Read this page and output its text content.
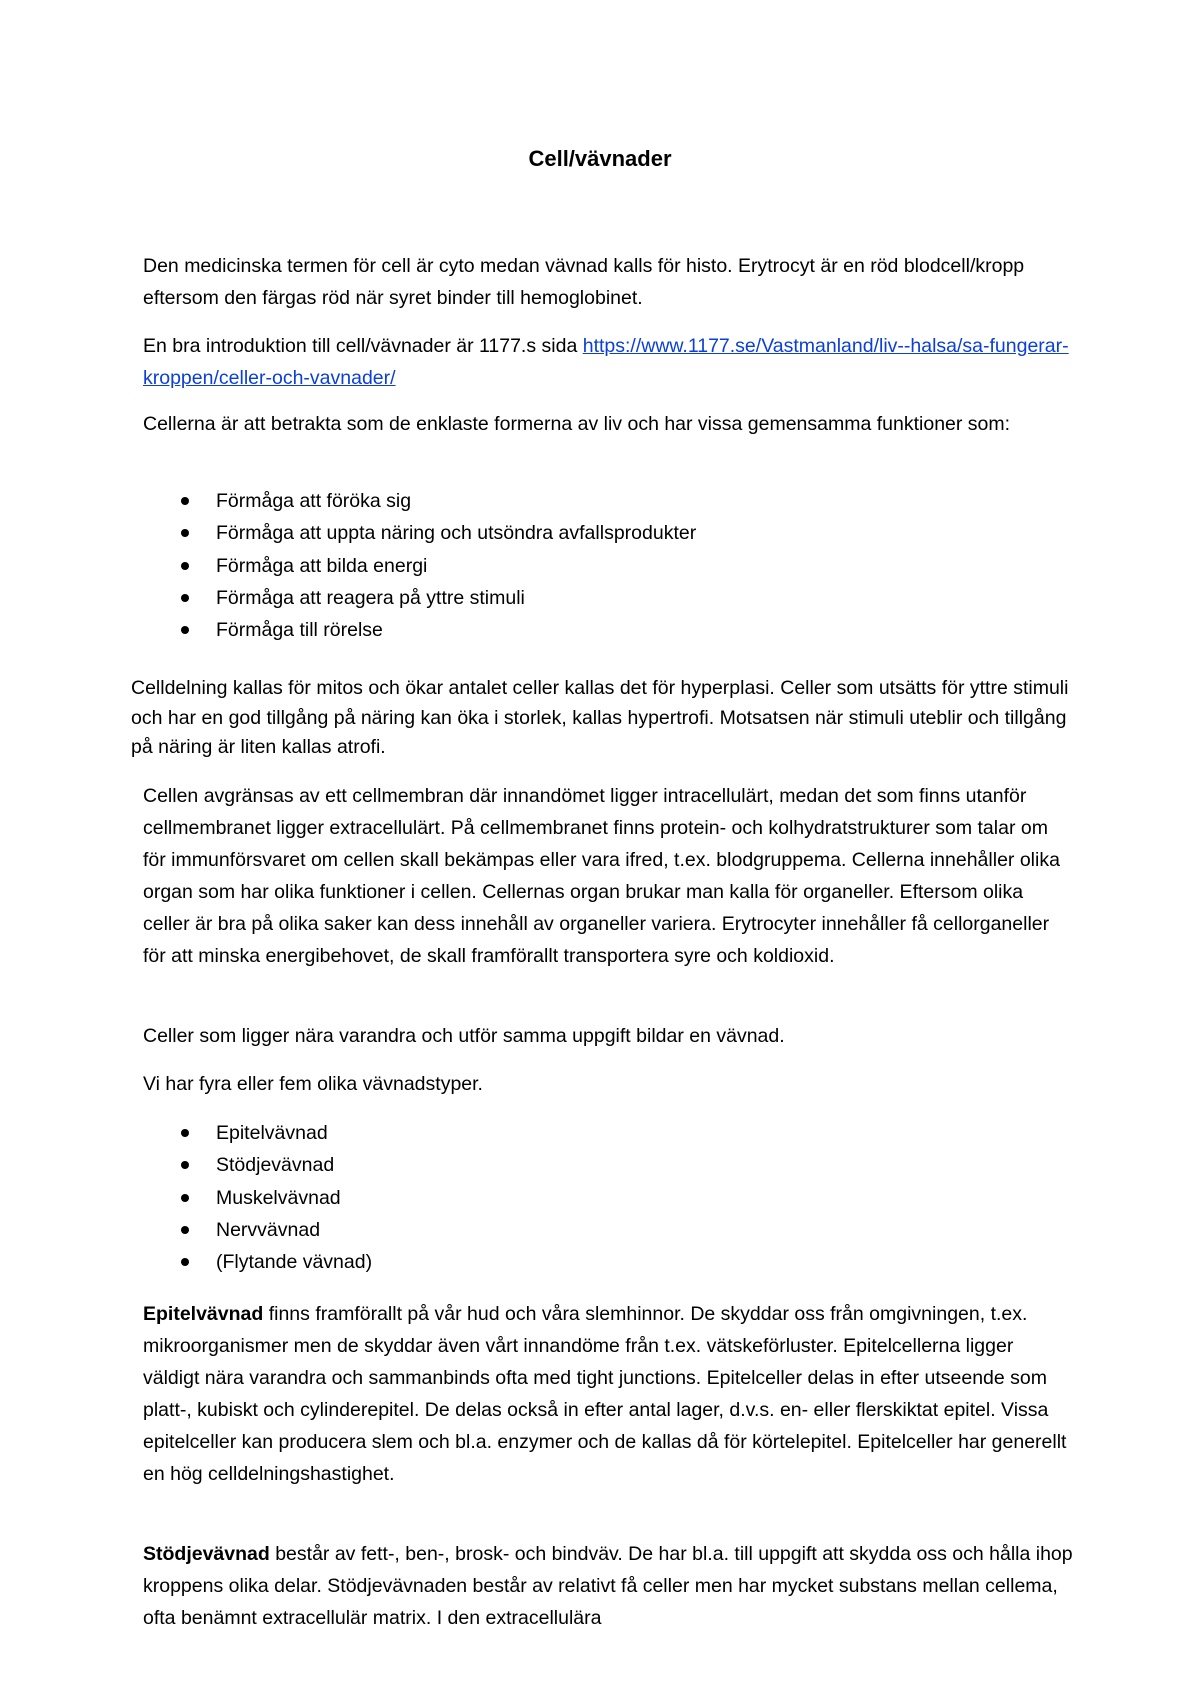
Cell/vävnader

Den medicinska termen för cell är cyto medan vävnad kalls för histo. Erytrocyt är en röd blodcell/kropp eftersom den färgas röd när syret binder till hemoglobinet.

En bra introduktion till cell/vävnader är 1177.s sida https://www.1177.se/Vastmanland/liv--halsa/sa-fungerar-kroppen/celler-och-vavnader/

Cellerna är att betrakta som de enklaste formerna av liv och har vissa gemensamma funktioner som:

Förmåga att föröka sig
Förmåga att uppta näring och utsöndra avfallsprodukter
Förmåga att bilda energi
Förmåga att reagera på yttre stimuli
Förmåga till rörelse

Celldelning kallas för mitos och ökar antalet celler kallas det för hyperplasi. Celler som utsätts för yttre stimuli och har en god tillgång på näring kan öka i storlek, kallas hypertrofi. Motsatsen när stimuli uteblir och tillgång på näring är liten kallas atrofi.

Cellen avgränsas av ett cellmembran där innandömet ligger intracellulärt, medan det som finns utanför cellmembranet ligger extracellulärt. På cellmembranet finns protein- och kolhydratstrukturer som talar om för immunförsvaret om cellen skall bekämpas eller vara ifred, t.ex. blodgruppema. Cellerna innehåller olika organ som har olika funktioner i cellen. Cellernas organ brukar man kalla för organeller. Eftersom olika celler är bra på olika saker kan dess innehåll av organeller variera. Erytrocyter innehåller få cellorganeller för att minska energibehovet, de skall framförallt transportera syre och koldioxid.

Celler som ligger nära varandra och utför samma uppgift bildar en vävnad.

Vi har fyra eller fem olika vävnadstyper.

Epitelvävnad
Stödjevävnad
Muskelvävnad
Nervvävnad
(Flytande vävnad)

Epitelvävnad finns framförallt på vår hud och våra slemhinnor. De skyddar oss från omgivningen, t.ex. mikroorganismer men de skyddar även vårt innandöme från t.ex. vätskeförluster. Epitelcellerna ligger väldigt nära varandra och sammanbinds ofta med tight junctions. Epitelceller delas in efter utseende som platt-, kubiskt och cylinderepitel. De delas också in efter antal lager, d.v.s. en- eller flerskiktat epitel. Vissa epitelceller kan producera slem och bl.a. enzymer och de kallas då för körtelepitel. Epitelceller har generellt en hög celldelningshastighet.

Stödjevävnad består av fett-, ben-, brosk- och bindväv. De har bl.a. till uppgift att skydda oss och hålla ihop kroppens olika delar. Stödjevävnaden består av relativt få celler men har mycket substans mellan cellema, ofta benämnt extracellulär matrix. I den extracellulära
